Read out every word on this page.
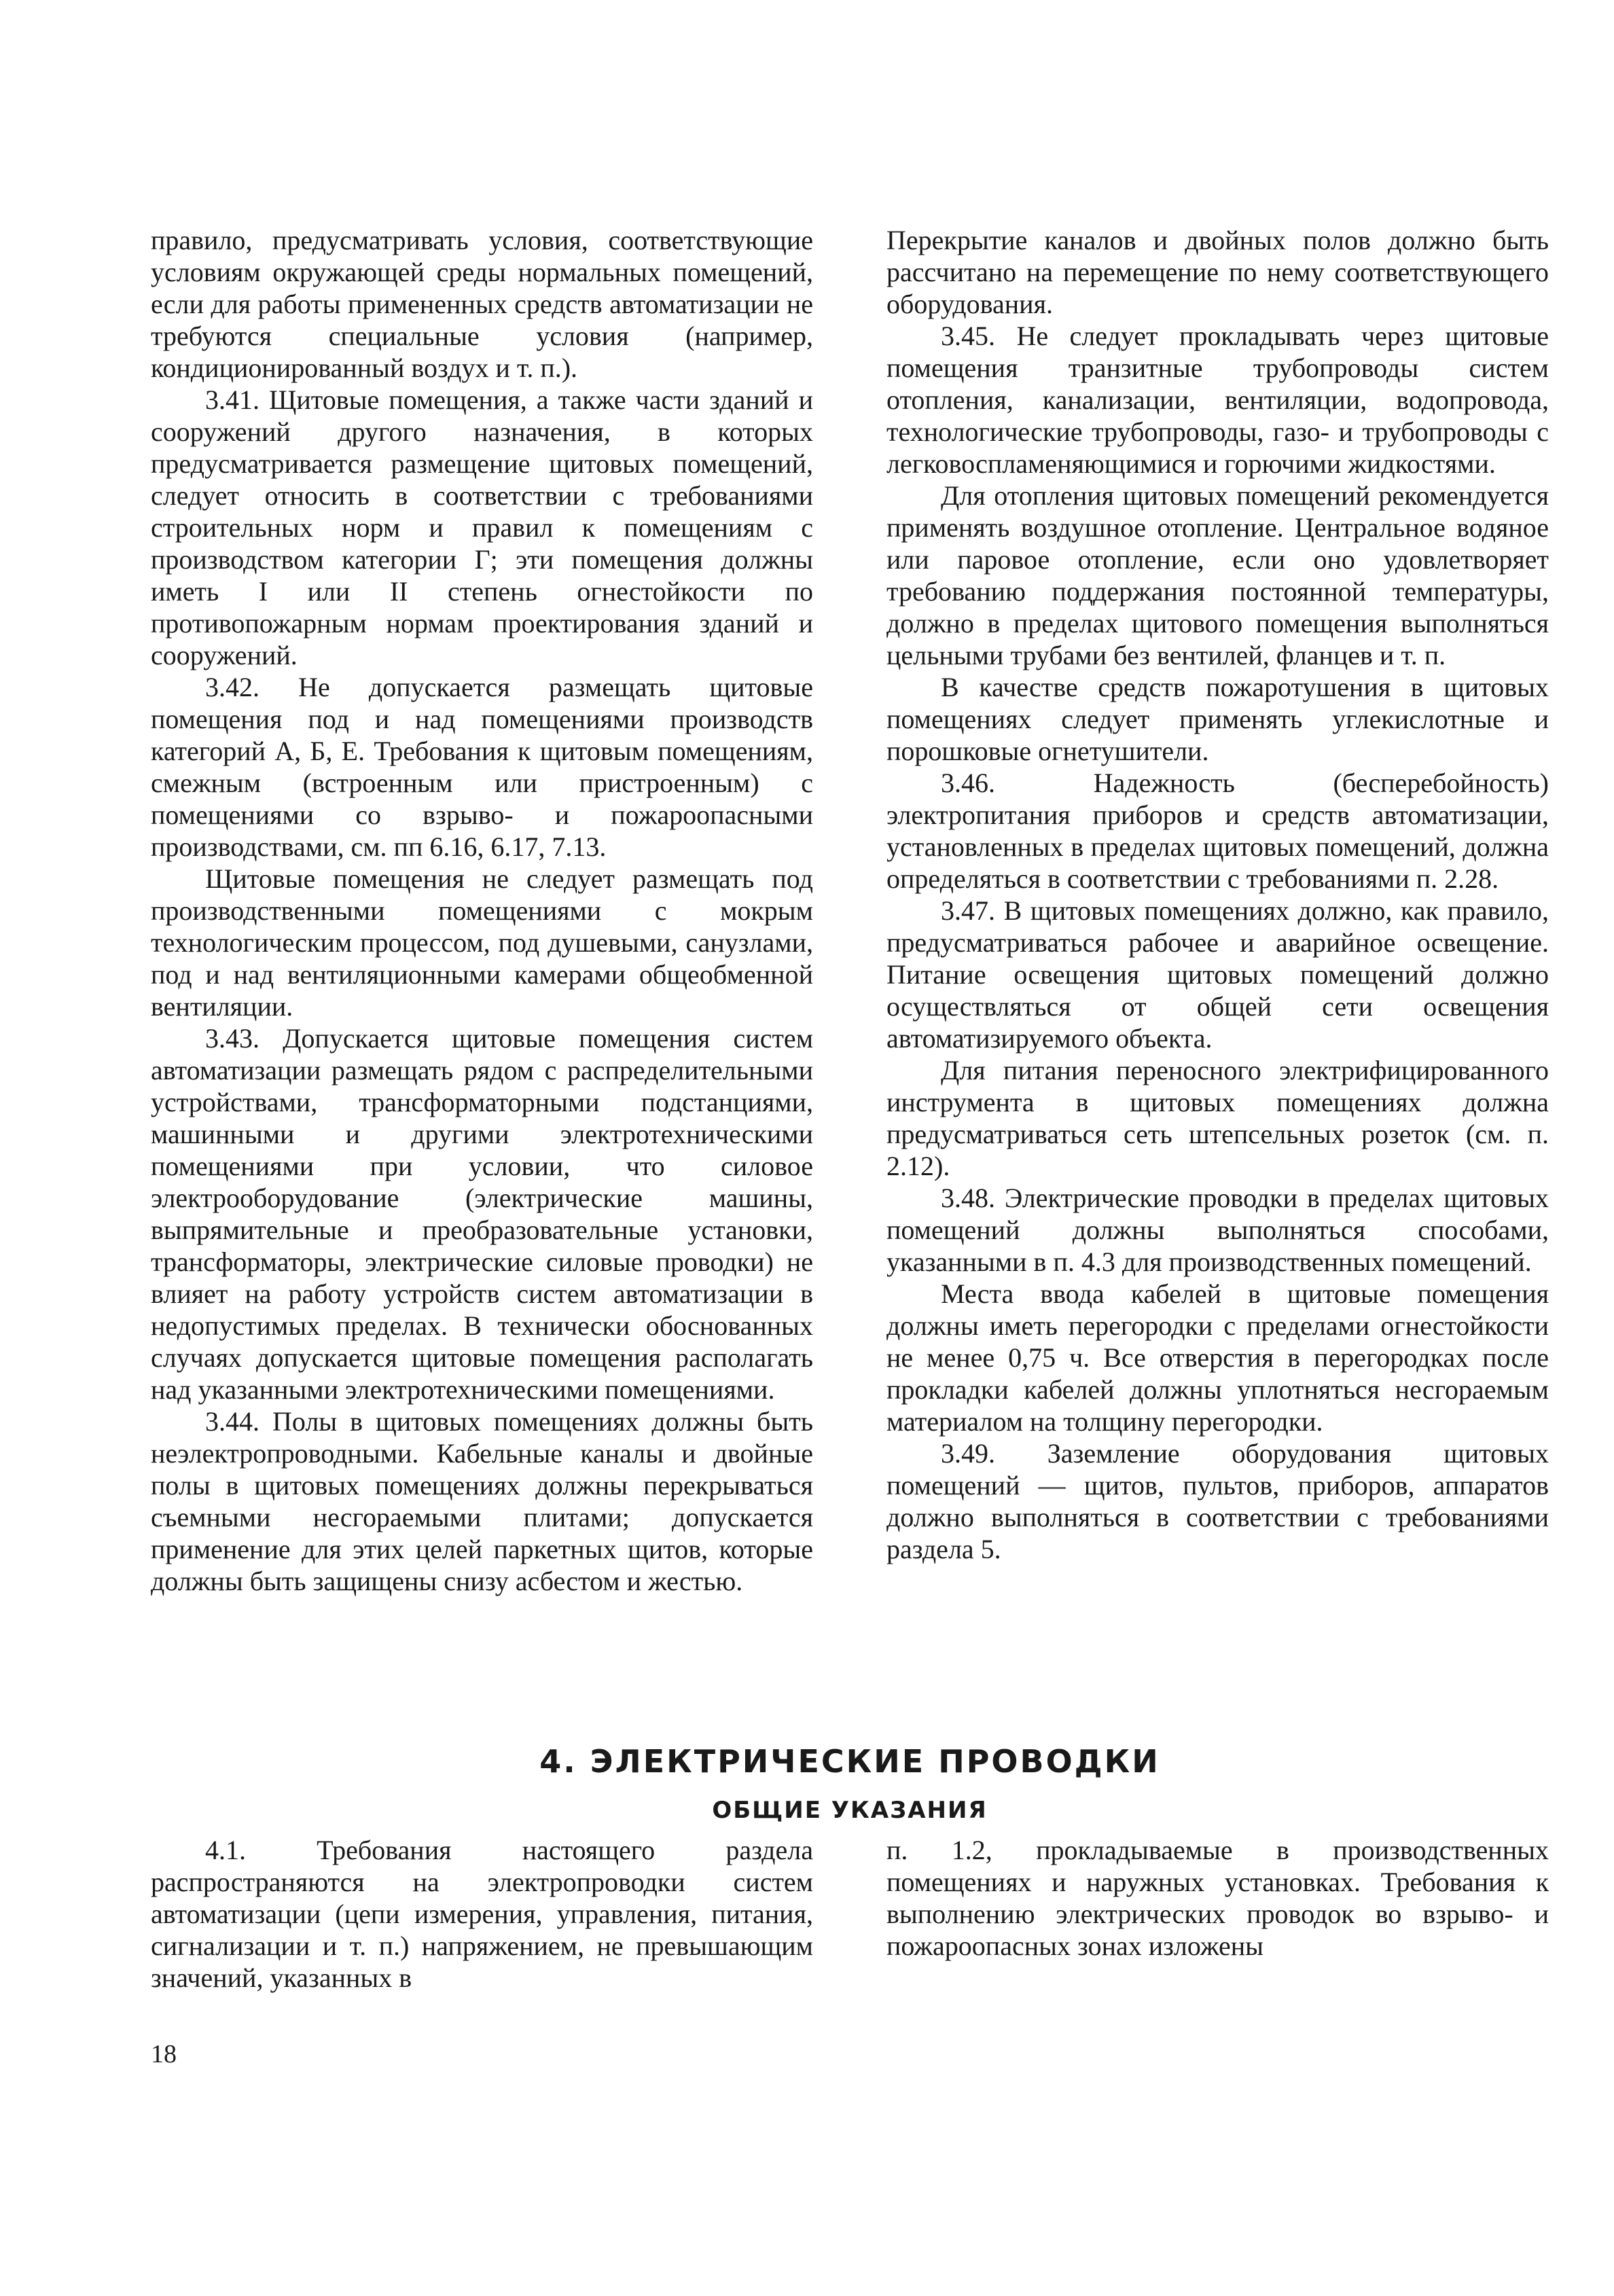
правило, предусматривать условия, соответствующие условиям окружающей среды нормальных помещений, если для работы примененных средств автоматизации не требуются специальные условия (например, кондиционированный воздух и т. п.).

3.41. Щитовые помещения, а также части зданий и сооружений другого назначения, в которых предусматривается размещение щитовых помещений, следует относить в соответствии с требованиями строительных норм и правил к помещениям с производством категории Г; эти помещения должны иметь I или II степень огнестойкости по противопожарным нормам проектирования зданий и сооружений.

3.42. Не допускается размещать щитовые помещения под и над помещениями производств категорий А, Б, Е. Требования к щитовым помещениям, смежным (встроенным или пристроенным) с помещениями со взрыво- и пожароопасными производствами, см. пп 6.16, 6.17, 7.13.

Щитовые помещения не следует размещать под производственными помещениями с мокрым технологическим процессом, под душевыми, санузлами, под и над вентиляционными камерами общеобменной вентиляции.

3.43. Допускается щитовые помещения систем автоматизации размещать рядом с распределительными устройствами, трансформаторными подстанциями, машинными и другими электротехническими помещениями при условии, что силовое электрооборудование (электрические машины, выпрямительные и преобразовательные установки, трансформаторы, электрические силовые проводки) не влияет на работу устройств систем автоматизации в недопустимых пределах. В технически обоснованных случаях допускается щитовые помещения располагать над указанными электротехническими помещениями.

3.44. Полы в щитовых помещениях должны быть неэлектропроводными. Кабельные каналы и двойные полы в щитовых помещениях должны перекрываться съемными несгораемыми плитами; допускается применение для этих целей паркетных щитов, которые должны быть защищены снизу асбестом и жестью.

Перекрытие каналов и двойных полов должно быть рассчитано на перемещение по нему соответствующего оборудования.

3.45. Не следует прокладывать через щитовые помещения транзитные трубопроводы систем отопления, канализации, вентиляции, водопровода, технологические трубопроводы, газо- и трубопроводы с легковоспламеняющимися и горючими жидкостями.

Для отопления щитовых помещений рекомендуется применять воздушное отопление. Центральное водяное или паровое отопление, если оно удовлетворяет требованию поддержания постоянной температуры, должно в пределах щитового помещения выполняться цельными трубами без вентилей, фланцев и т. п.

В качестве средств пожаротушения в щитовых помещениях следует применять углекислотные и порошковые огнетушители.

3.46. Надежность (бесперебойность) электропитания приборов и средств автоматизации, установленных в пределах щитовых помещений, должна определяться в соответствии с требованиями п. 2.28.

3.47. В щитовых помещениях должно, как правило, предусматриваться рабочее и аварийное освещение. Питание освещения щитовых помещений должно осуществляться от общей сети освещения автоматизируемого объекта.

Для питания переносного электрифицированного инструмента в щитовых помещениях должна предусматриваться сеть штепсельных розеток (см. п. 2.12).

3.48. Электрические проводки в пределах щитовых помещений должны выполняться способами, указанными в п. 4.3 для производственных помещений.

Места ввода кабелей в щитовые помещения должны иметь перегородки с пределами огнестойкости не менее 0,75 ч. Все отверстия в перегородках после прокладки кабелей должны уплотняться несгораемым материалом на толщину перегородки.

3.49. Заземление оборудования щитовых помещений — щитов, пультов, приборов, аппаратов должно выполняться в соответствии с требованиями раздела 5.

4. ЭЛЕКТРИЧЕСКИЕ ПРОВОДКИ
ОБЩИЕ УКАЗАНИЯ

4.1. Требования настоящего раздела распространяются на электропроводки систем автоматизации (цепи измерения, управления, питания, сигнализации и т. п.) напряжением, не превышающим значений, указанных в

п. 1.2, прокладываемые в производственных помещениях и наружных установках. Требования к выполнению электрических проводок во взрыво- и пожароопасных зонах изложены

18
